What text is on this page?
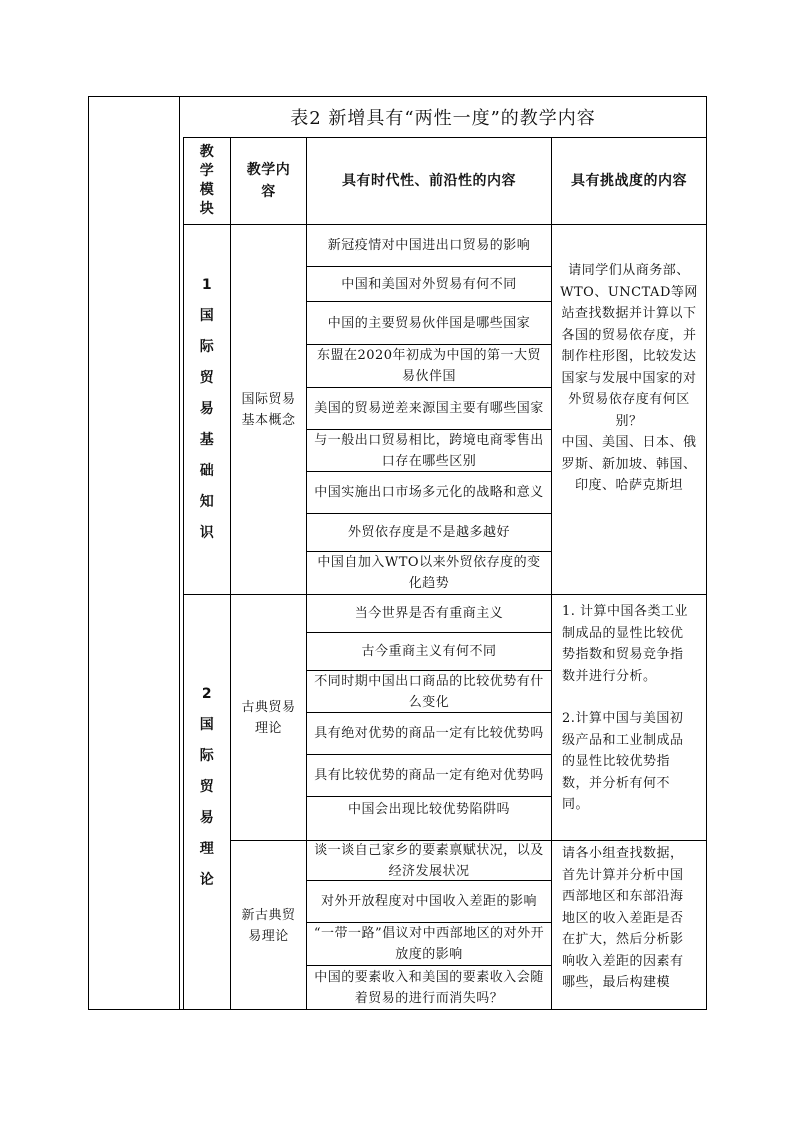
表2 新增具有“两性一度”的教学内容
教
学
模
块
教学内容
具有时代性、前沿性的内容	具有挑战度的内容
1
国
际
贸
易
基
础
知
识
国际贸易基本概念
新冠疫情对中国进出口贸易的影响
中国和美国对外贸易有何不同
中国的主要贸易伙伴国是哪些国家
东盟在2020年初成为中国的第一大贸易伙伴国
美国的贸易逆差来源国主要有哪些国家
与一般出口贸易相比，跨境电商零售出口存在哪些区别
中国实施出口市场多元化的战略和意义
外贸依存度是不是越多越好
中国自加入WTO以来外贸依存度的变化趋势

请同学们从商务部、WTO、UNCTAD等网站查找数据并计算以下各国的贸易依存度，并制作柱形图，比较发达国家与发展中国家的对外贸易依存度有何区别？

中国、美国、日本、俄罗斯、新加坡、韩国、印度、哈萨克斯坦

2
国
际
贸
易
理
论
古典贸易理论
当今世界是否有重商主义
古今重商主义有何不同
不同时期中国出口商品的比较优势有什么变化
具有绝对优势的商品一定有比较优势吗
具有比较优势的商品一定有绝对优势吗
中国会出现比较优势陷阱吗

1. 计算中国各类工业制成品的显性比较优势指数和贸易竞争指数并进行分析。

2.计算中国与美国初级产品和工业制成品的显性比较优势指数，并分析有何不同。

新古典贸易理论
谈一谈自己家乡的要素禀赋状况，以及经济发展状况
对外开放程度对中国收入差距的影响
“一带一路”倡议对中西部地区的对外开放度的影响
中国的要素收入和美国的要素收入会随着贸易的进行而消失吗？

请各小组查找数据，首先计算并分析中国西部地区和东部沿海地区的收入差距是否在扩大，然后分析影响收入差距的因素有哪些，最后构建模
